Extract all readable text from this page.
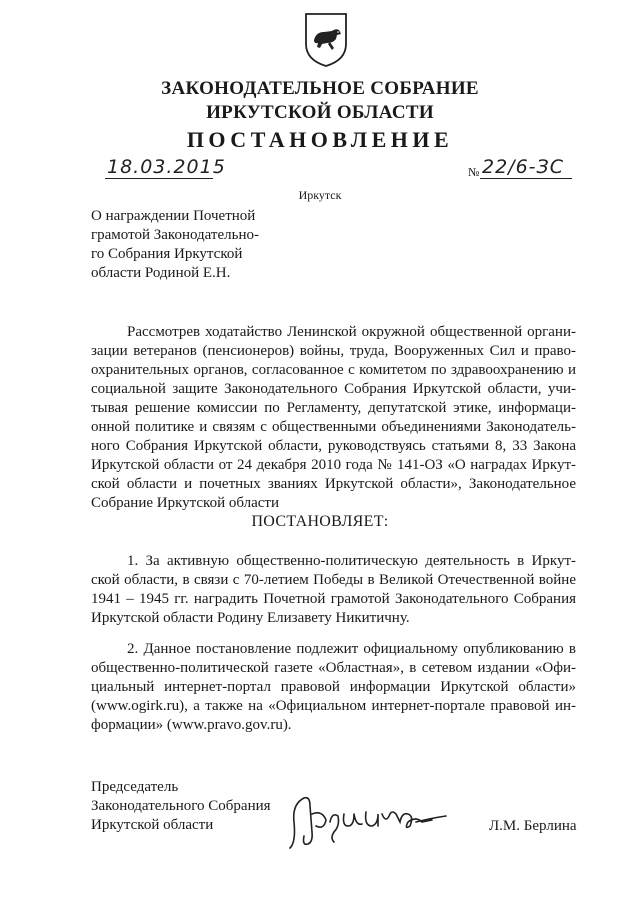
ЗАКОНОДАТЕЛЬНОЕ СОБРАНИЕ
ИРКУТСКОЙ ОБЛАСТИ
ПОСТАНОВЛЕНИЕ
18.03.2015	№ 22/6-ЗС
Иркутск
О награждении Почетной
грамотой Законодательно-
го Собрания Иркутской
области Родиной Е.Н.
Рассмотрев ходатайство Ленинской окружной общественной органи-
зации ветеранов (пенсионеров) войны, труда, Вооруженных Сил и право-
охранительных органов, согласованное с комитетом по здравоохранению и
социальной защите Законодательного Собрания Иркутской области, учи-
тывая решение комиссии по Регламенту, депутатской этике, информаци-
онной политике и связям с общественными объединениями Законодатель-
ного Собрания Иркутской области, руководствуясь статьями 8, 33 Закона
Иркутской области от 24 декабря 2010 года № 141-ОЗ «О наградах Иркут-
ской области и почетных званиях Иркутской области», Законодательное
Собрание Иркутской области
ПОСТАНОВЛЯЕТ:
1. За активную общественно-политическую деятельность в Иркут-
ской области, в связи с 70-летием Победы в Великой Отечественной войне
1941 – 1945 гг. наградить Почетной грамотой Законодательного Собрания
Иркутской области Родину Елизавету Никитичну.
2. Данное постановление подлежит официальному опубликованию в
общественно-политической газете «Областная», в сетевом издании «Офи-
циальный интернет-портал правовой информации Иркутской области»
(www.ogirk.ru), а также на «Официальном интернет-портале правовой ин-
формации» (www.pravo.gov.ru).
Председатель
Законодательного Собрания
Иркутской области	Л.М. Берлина
